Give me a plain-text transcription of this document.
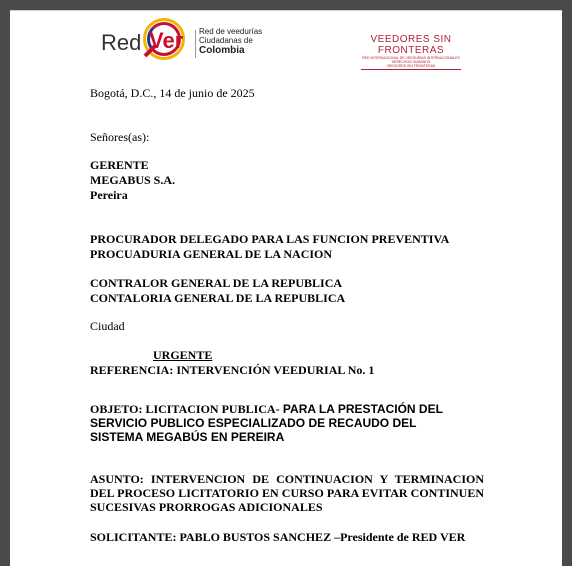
Red Ver Red de veedurías
Ciudadanas de
Colombia
VEEDORES SIN
FRONTERAS
RED INTERNACIONAL DE VEEDURIAS INTERNACIONALES
DERECHOS HUMANOS
VEEDORES SIN FRONTERAS
Bogotá, D.C., 14 de junio de 2025
Señores(as):
GERENTE
MEGABUS S.A.
Pereira
PROCURADOR DELEGADO PARA LAS FUNCION PREVENTIVA
PROCUADURIA GENERAL DE LA NACION
CONTRALOR GENERAL DE LA REPUBLICA
CONTALORIA GENERAL DE LA REPUBLICA
Ciudad
URGENTE
REFERENCIA: INTERVENCIÓN VEEDURIAL No. 1
OBJETO: LICITACION PUBLICA- PARA LA PRESTACIÓN DEL
SERVICIO PUBLICO ESPECIALIZADO DE RECAUDO DEL
SISTEMA MEGABÚS EN PEREIRA
ASUNTO: INTERVENCION DE CONTINUACION Y TERMINACION DEL PROCESO LICITATORIO EN CURSO PARA EVITAR CONTINUEN SUCESIVAS PRORROGAS ADICIONALES
SOLICITANTE: PABLO BUSTOS SANCHEZ –Presidente de RED VER
